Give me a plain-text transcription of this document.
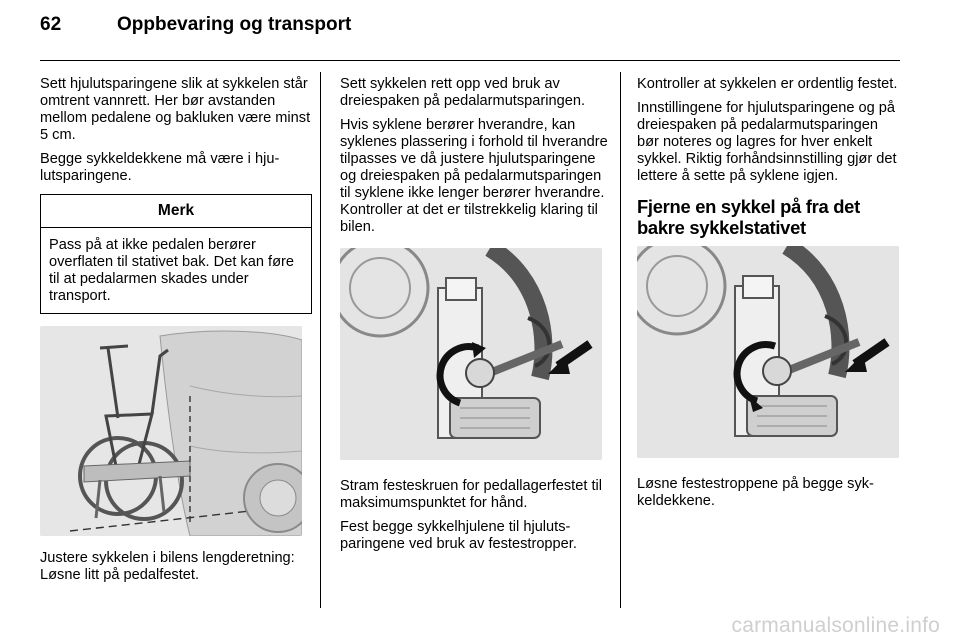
62	Oppbevaring og transport

Sett hjulutsparingene slik at sykkelen står omtrent vannrett. Her bør avstanden mellom pedalene og bakluken være minst 5 cm.

Begge sykkeldekkene må være i hjulutsparingene.

Merk
Pass på at ikke pedalen berører overflaten til stativet bak. Det kan føre til at pedalarmen skades under transport.

Justere sykkelen i bilens lengderetning: Løsne litt på pedalfestet.

Sett sykkelen rett opp ved bruk av dreiespaken på pedalarmutsparingen.

Hvis syklene berører hverandre, kan syklenes plassering i forhold til hverandre tilpasses ve då justere hjulutsparingene og dreiespaken på pedalarmutsparingen til syklene ikke lenger berører hverandre. Kontroller at det er tilstrekkelig klaring til bilen.

Stram festeskruen for pedallagerfestet til maksimumspunktet for hånd.

Fest begge sykkelhjulene til hjulutsparingene ved bruk av festestropper.

Kontroller at sykkelen er ordentlig festet.

Innstillingene for hjulutsparingene og på dreiespaken på pedalarmutsparingen bør noteres og lagres for hver enkelt sykkel. Riktig forhåndsinnstilling gjør det lettere å sette på syklene igjen.

Fjerne en sykkel på fra det bakre sykkelstativet

Løsne festestroppene på begge sykkeldekkene.

carmanualsonline.info
